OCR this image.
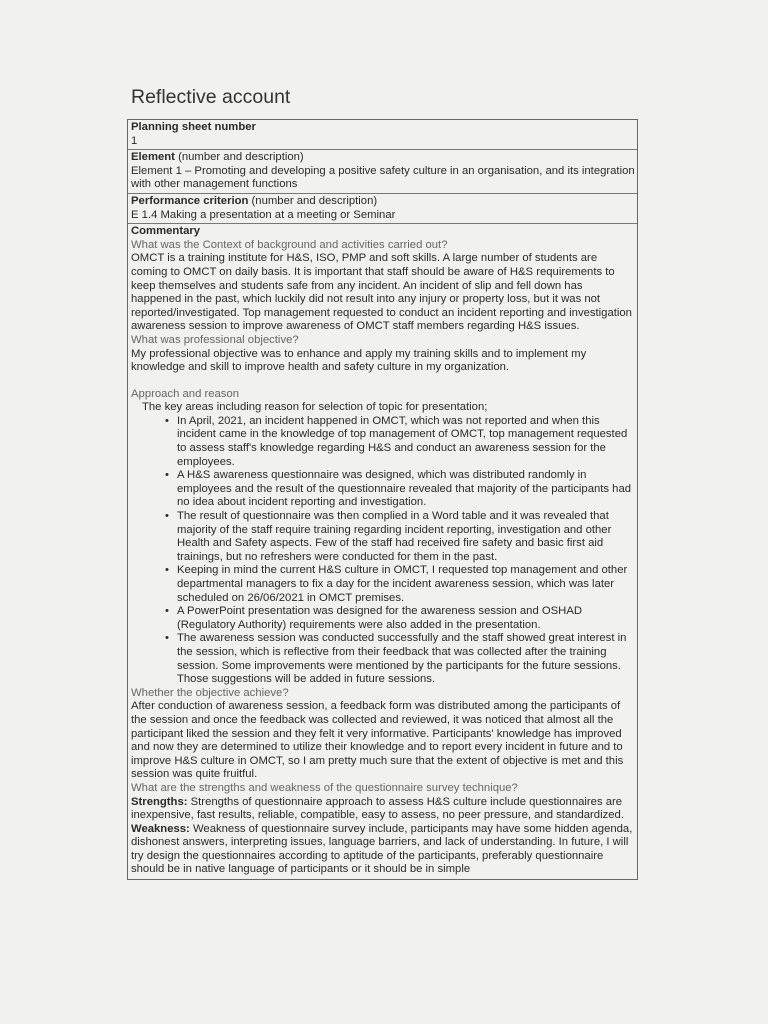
Reflective account
Planning sheet number
1
Element (number and description)
Element 1 – Promoting and developing a positive safety culture in an organisation, and its integration with other management functions
Performance criterion (number and description)
E 1.4 Making a presentation at a meeting or Seminar
Commentary
What was the Context of background and activities carried out?

OMCT is a training institute for H&S, ISO, PMP and soft skills. A large number of students are coming to OMCT on daily basis. It is important that staff should be aware of H&S requirements to keep themselves and students safe from any incident. An incident of slip and fell down has happened in the past, which luckily did not result into any injury or property loss, but it was not reported/investigated. Top management requested to conduct an incident reporting and investigation awareness session to improve awareness of OMCT staff members regarding H&S issues.

What was professional objective?

My professional objective was to enhance and apply my training skills and to implement my knowledge and skill to improve health and safety culture in my organization.

Approach and reason
The key areas including reason for selection of topic for presentation;
• In April, 2021, an incident happened in OMCT, which was not reported and when this incident came in the knowledge of top management of OMCT, top management requested to assess staff's knowledge regarding H&S and conduct an awareness session for the employees.
• A H&S awareness questionnaire was designed, which was distributed randomly in employees and the result of the questionnaire revealed that majority of the participants had no idea about incident reporting and investigation.
• The result of questionnaire was then complied in a Word table and it was revealed that majority of the staff require training regarding incident reporting, investigation and other Health and Safety aspects. Few of the staff had received fire safety and basic first aid trainings, but no refreshers were conducted for them in the past.
• Keeping in mind the current H&S culture in OMCT, I requested top management and other departmental managers to fix a day for the incident awareness session, which was later scheduled on 26/06/2021 in OMCT premises.
• A PowerPoint presentation was designed for the awareness session and OSHAD (Regulatory Authority) requirements were also added in the presentation.
• The awareness session was conducted successfully and the staff showed great interest in the session, which is reflective from their feedback that was collected after the training session. Some improvements were mentioned by the participants for the future sessions. Those suggestions will be added in future sessions.
Whether the objective achieve?

After conduction of awareness session, a feedback form was distributed among the participants of the session and once the feedback was collected and reviewed, it was noticed that almost all the participant liked the session and they felt it very informative. Participants' knowledge has improved and now they are determined to utilize their knowledge and to report every incident in future and to improve H&S culture in OMCT, so I am pretty much sure that the extent of objective is met and this session was quite fruitful.

What are the strengths and weakness of the questionnaire survey technique?

Strengths: Strengths of questionnaire approach to assess H&S culture include questionnaires are inexpensive, fast results, reliable, compatible, easy to assess, no peer pressure, and standardized.

Weakness: Weakness of questionnaire survey include, participants may have some hidden agenda, dishonest answers, interpreting issues, language barriers, and lack of understanding. In future, I will try design the questionnaires according to aptitude of the participants, preferably questionnaire should be in native language of participants or it should be in simple
